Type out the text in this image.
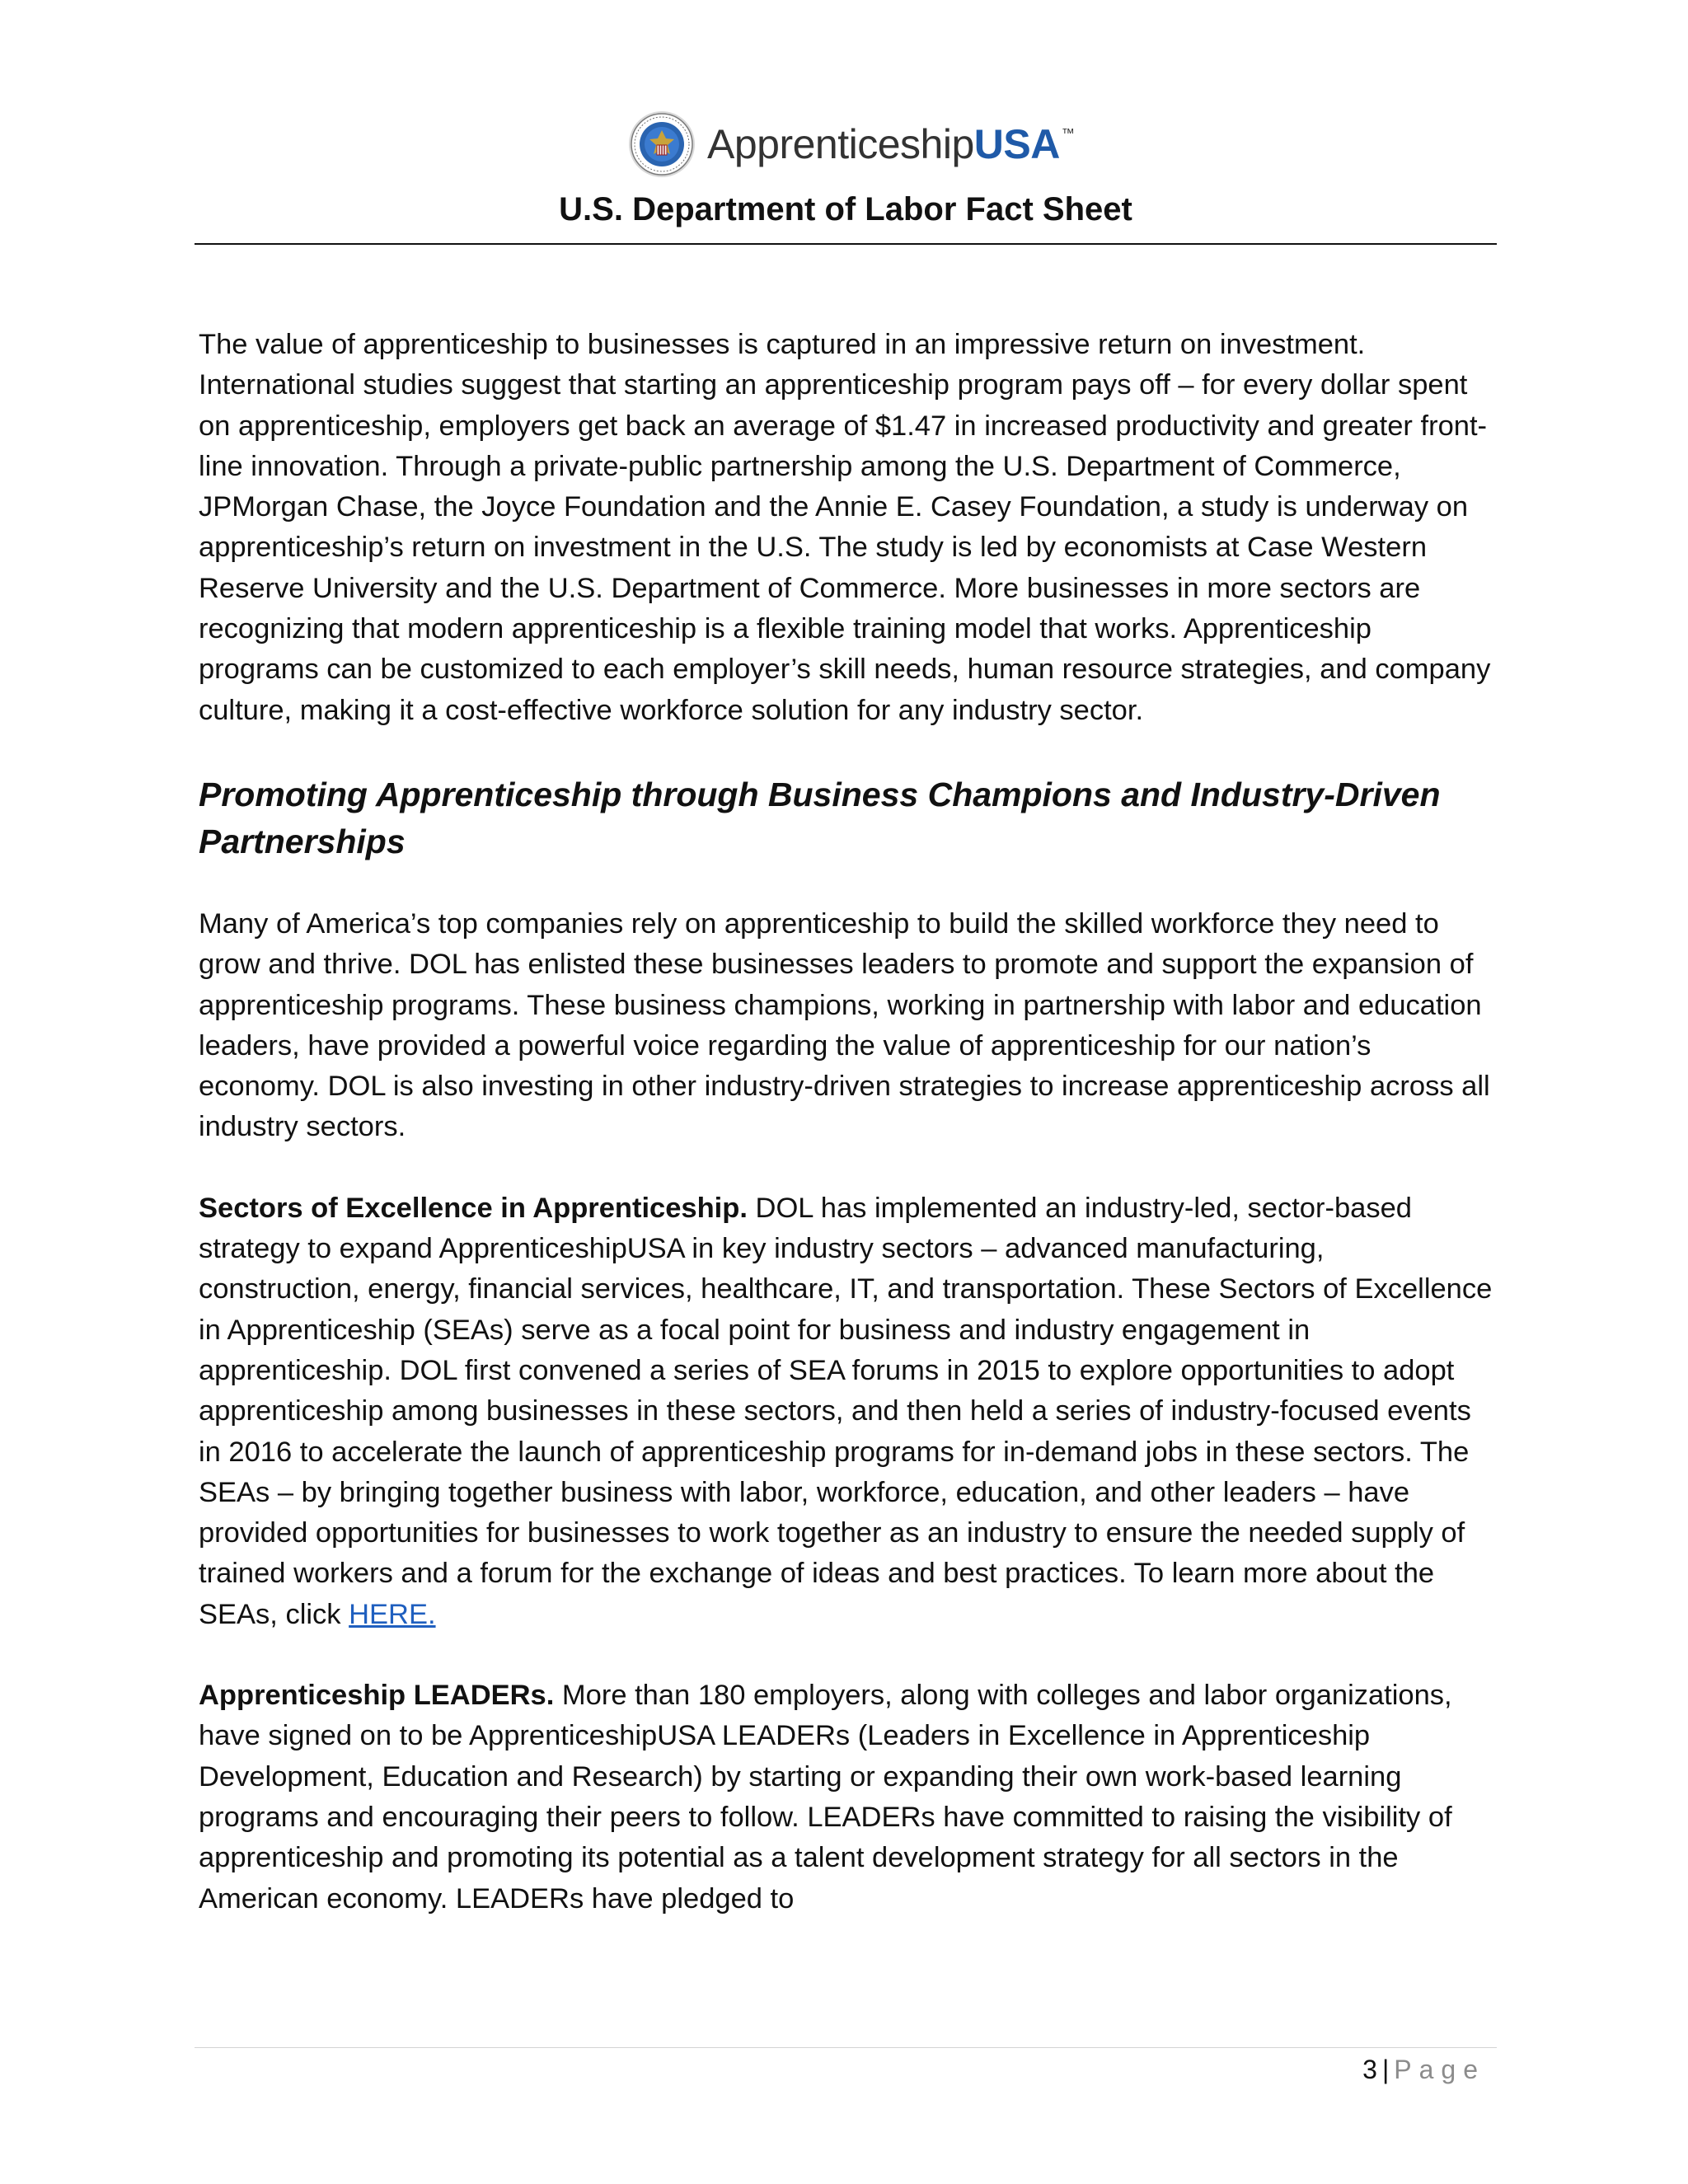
ApprenticeshipUSA ™
U.S. Department of Labor Fact Sheet

The value of apprenticeship to businesses is captured in an impressive return on investment. International studies suggest that starting an apprenticeship program pays off – for every dollar spent on apprenticeship, employers get back an average of $1.47 in increased productivity and greater front-line innovation. Through a private-public partnership among the U.S. Department of Commerce, JPMorgan Chase, the Joyce Foundation and the Annie E. Casey Foundation, a study is underway on apprenticeship’s return on investment in the U.S. The study is led by economists at Case Western Reserve University and the U.S. Department of Commerce. More businesses in more sectors are recognizing that modern apprenticeship is a flexible training model that works. Apprenticeship programs can be customized to each employer’s skill needs, human resource strategies, and company culture, making it a cost-effective workforce solution for any industry sector.

Promoting Apprenticeship through Business Champions and Industry-Driven Partnerships

Many of America’s top companies rely on apprenticeship to build the skilled workforce they need to grow and thrive. DOL has enlisted these businesses leaders to promote and support the expansion of apprenticeship programs. These business champions, working in partnership with labor and education leaders, have provided a powerful voice regarding the value of apprenticeship for our nation’s economy. DOL is also investing in other industry-driven strategies to increase apprenticeship across all industry sectors.

Sectors of Excellence in Apprenticeship. DOL has implemented an industry-led, sector-based strategy to expand ApprenticeshipUSA in key industry sectors – advanced manufacturing, construction, energy, financial services, healthcare, IT, and transportation. These Sectors of Excellence in Apprenticeship (SEAs) serve as a focal point for business and industry engagement in apprenticeship. DOL first convened a series of SEA forums in 2015 to explore opportunities to adopt apprenticeship among businesses in these sectors, and then held a series of industry-focused events in 2016 to accelerate the launch of apprenticeship programs for in-demand jobs in these sectors. The SEAs – by bringing together business with labor, workforce, education, and other leaders – have provided opportunities for businesses to work together as an industry to ensure the needed supply of trained workers and a forum for the exchange of ideas and best practices. To learn more about the SEAs, click HERE.

Apprenticeship LEADERs. More than 180 employers, along with colleges and labor organizations, have signed on to be ApprenticeshipUSA LEADERs (Leaders in Excellence in Apprenticeship Development, Education and Research) by starting or expanding their own work-based learning programs and encouraging their peers to follow. LEADERs have committed to raising the visibility of apprenticeship and promoting its potential as a talent development strategy for all sectors in the American economy. LEADERs have pledged to

3 | Page
